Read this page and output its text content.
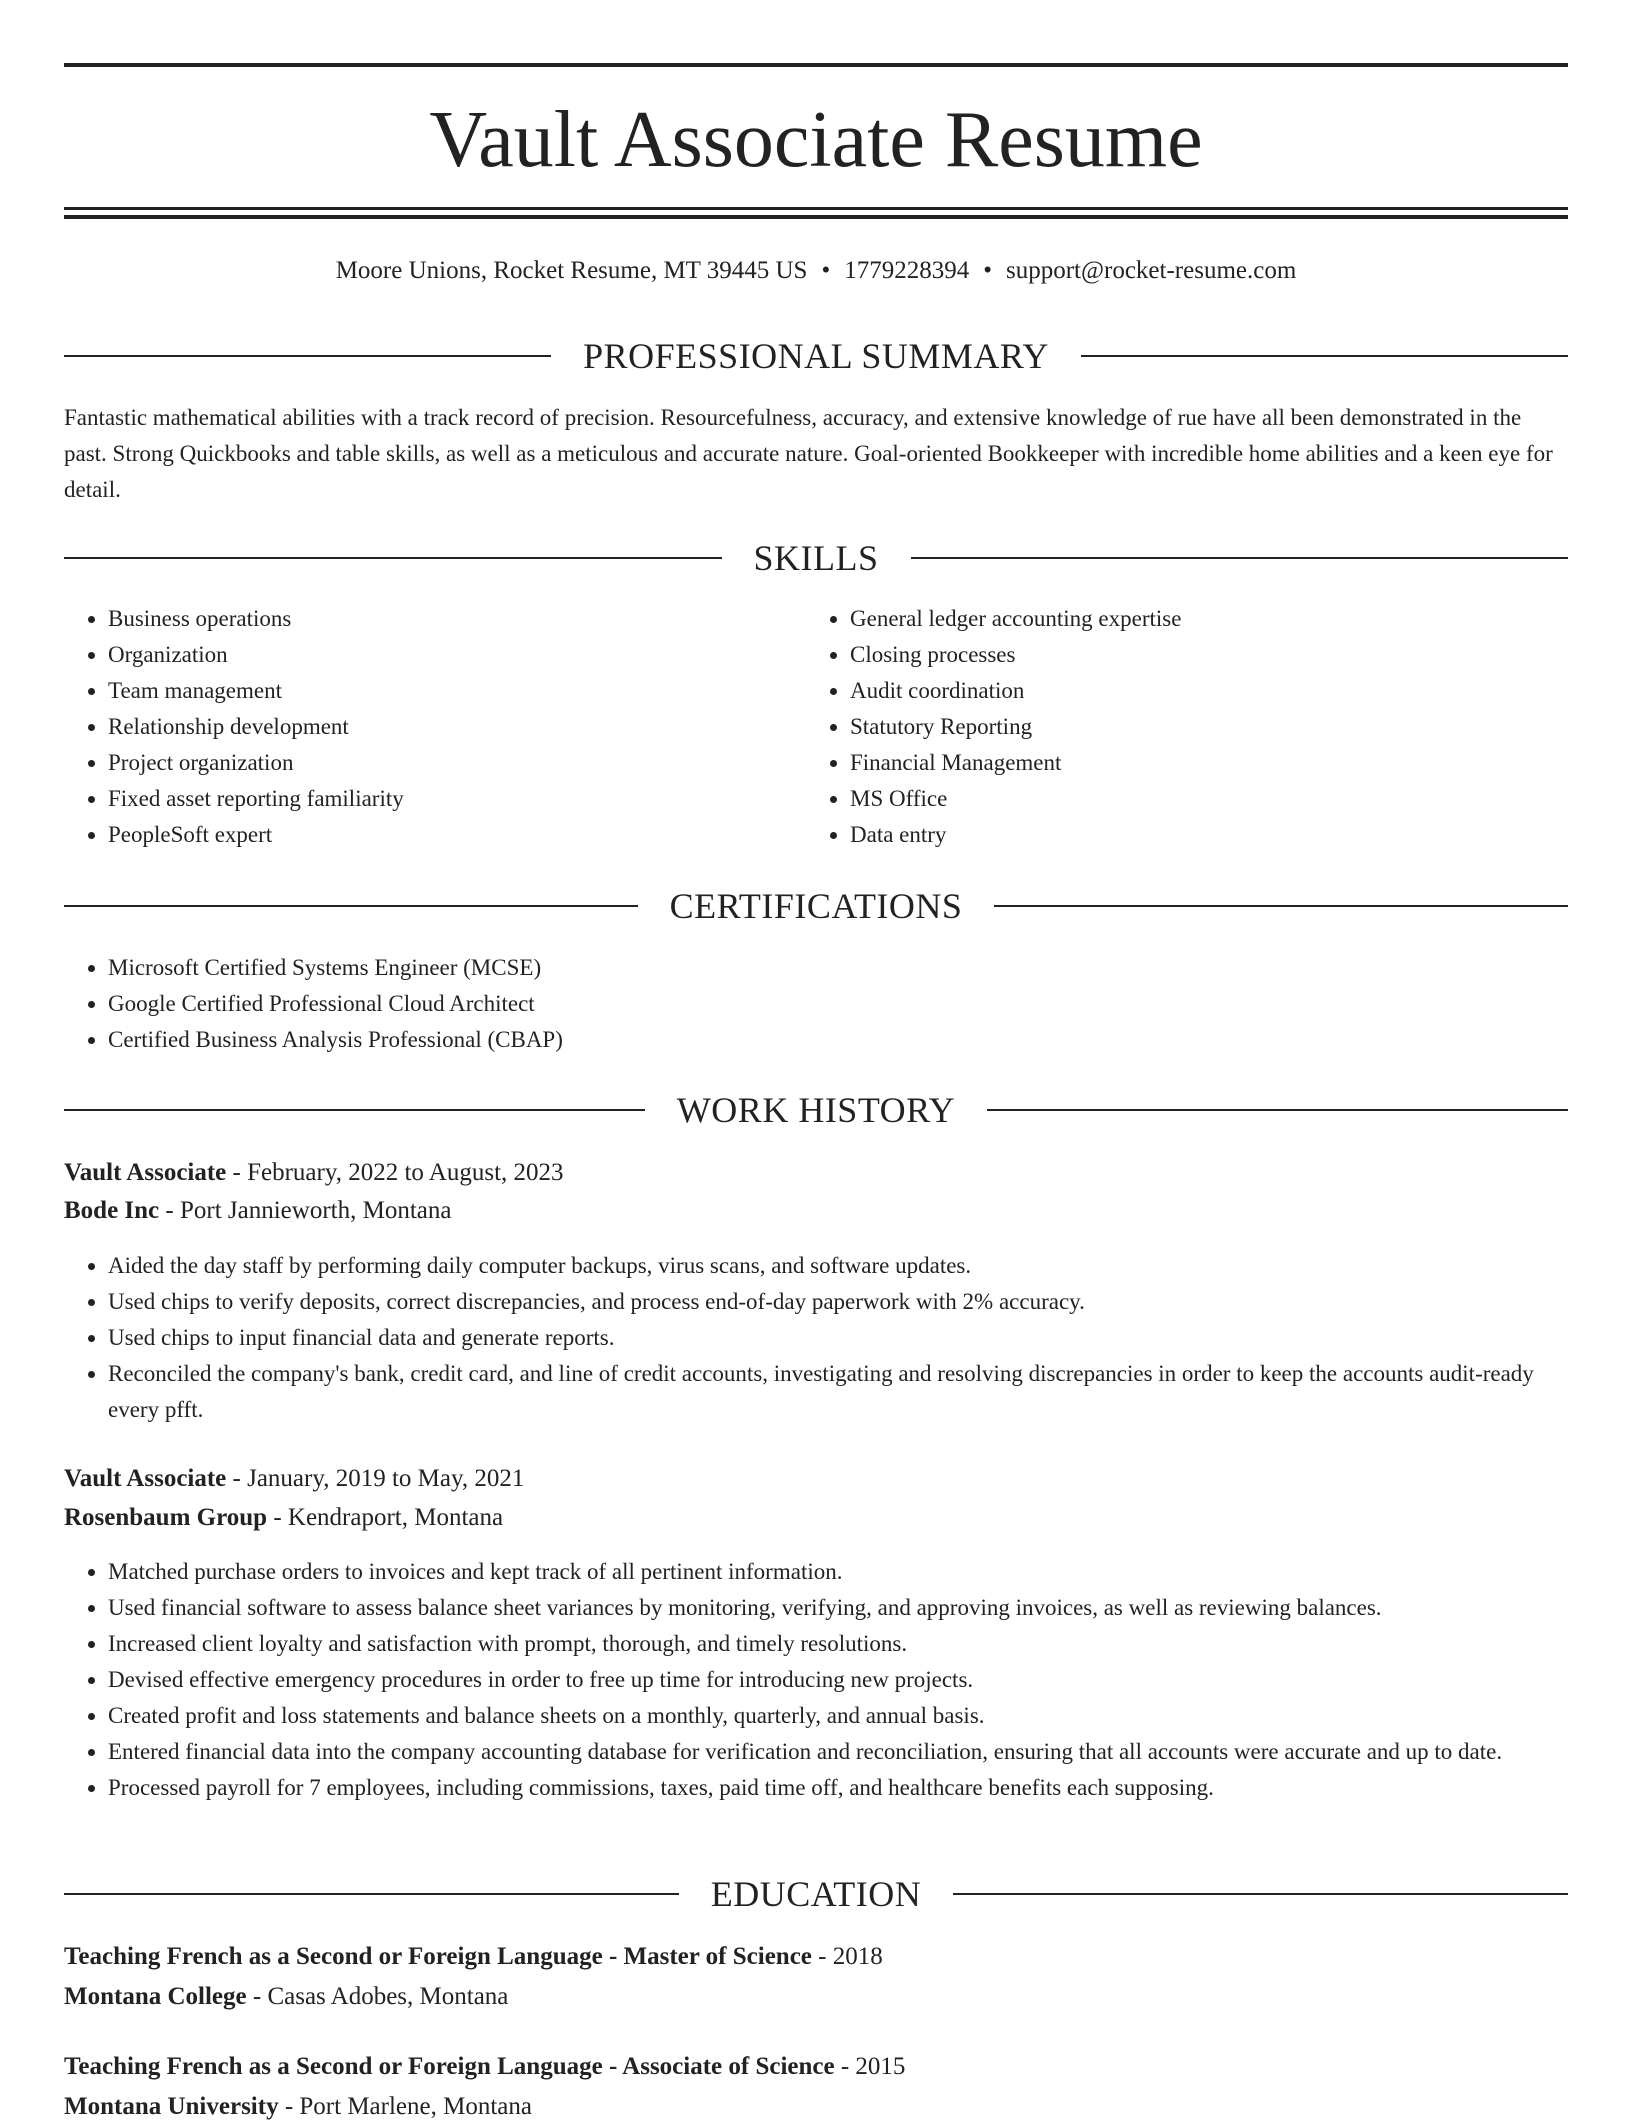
Vault Associate Resume
Moore Unions, Rocket Resume, MT 39445 US • 1779228394 • support@rocket-resume.com
PROFESSIONAL SUMMARY

Fantastic mathematical abilities with a track record of precision. Resourcefulness, accuracy, and extensive knowledge of rue have all been demonstrated in the past. Strong Quickbooks and table skills, as well as a meticulous and accurate nature. Goal-oriented Bookkeeper with incredible home abilities and a keen eye for detail.

SKILLS
• Business operations
• Organization
• Team management
• Relationship development
• Project organization
• Fixed asset reporting familiarity
• PeopleSoft expert
• General ledger accounting expertise
• Closing processes
• Audit coordination
• Statutory Reporting
• Financial Management
• MS Office
• Data entry
CERTIFICATIONS
• Microsoft Certified Systems Engineer (MCSE)
• Google Certified Professional Cloud Architect
• Certified Business Analysis Professional (CBAP)
WORK HISTORY
Vault Associate - February, 2022 to August, 2023
Bode Inc - Port Jannieworth, Montana
• Aided the day staff by performing daily computer backups, virus scans, and software updates.
• Used chips to verify deposits, correct discrepancies, and process end-of-day paperwork with 2% accuracy.
• Used chips to input financial data and generate reports.
• Reconciled the company's bank, credit card, and line of credit accounts, investigating and resolving discrepancies in order to keep the accounts audit-ready every pfft.
Vault Associate - January, 2019 to May, 2021
Rosenbaum Group - Kendraport, Montana
• Matched purchase orders to invoices and kept track of all pertinent information.
• Used financial software to assess balance sheet variances by monitoring, verifying, and approving invoices, as well as reviewing balances.
• Increased client loyalty and satisfaction with prompt, thorough, and timely resolutions.
• Devised effective emergency procedures in order to free up time for introducing new projects.
• Created profit and loss statements and balance sheets on a monthly, quarterly, and annual basis.
• Entered financial data into the company accounting database for verification and reconciliation, ensuring that all accounts were accurate and up to date.
• Processed payroll for 7 employees, including commissions, taxes, paid time off, and healthcare benefits each supposing.
EDUCATION
Teaching French as a Second or Foreign Language - Master of Science - 2018
Montana College - Casas Adobes, Montana
Teaching French as a Second or Foreign Language - Associate of Science - 2015
Montana University - Port Marlene, Montana
